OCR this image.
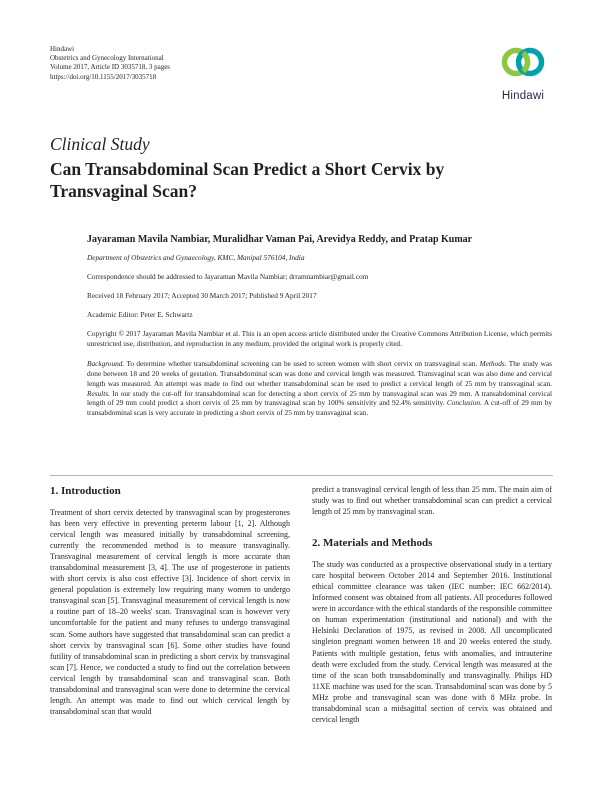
Hindawi
Obstetrics and Gynecology International
Volume 2017, Article ID 3035718, 3 pages
https://doi.org/10.1155/2017/3035718
Hindawi
Clinical Study
Can Transabdominal Scan Predict a Short Cervix by Transvaginal Scan?
Jayaraman Mavila Nambiar, Muralidhar Vaman Pai, Arevidya Reddy, and Pratap Kumar
Department of Obstetrics and Gynaecology, KMC, Manipal 576104, India
Correspondence should be addressed to Jayaraman Mavila Nambiar; drramnambiar@gmail.com
Received 18 February 2017; Accepted 30 March 2017; Published 9 April 2017
Academic Editor: Peter E. Schwartz
Copyright © 2017 Jayaraman Mavila Nambiar et al. This is an open access article distributed under the Creative Commons Attribution License, which permits unrestricted use, distribution, and reproduction in any medium, provided the original work is properly cited.
Background. To determine whether transabdominal screening can be used to screen women with short cervix on transvaginal scan. Methods. The study was done between 18 and 20 weeks of gestation. Transabdominal scan was done and cervical length was measured. Transvaginal scan was also done and cervical length was measured. An attempt was made to find out whether transabdominal scan be used to predict a cervical length of 25 mm by transvaginal scan. Results. In our study the cut-off for transabdominal scan for detecting a short cervix of 25 mm by transvaginal scan was 29 mm. A transabdominal cervical length of 29 mm could predict a short cervix of 25 mm by transvaginal scan by 100% sensitivity and 92.4% sensitivity. Conclusion. A cut-off of 29 mm by transabdominal scan is very accurate in predicting a short cervix of 25 mm by transvaginal scan.
1. Introduction

Treatment of short cervix detected by transvaginal scan by progesterones has been very effective in preventing preterm labour [1, 2]. Although cervical length was measured initially by transabdominal screening, currently the recommended method is to measure transvaginally. Transvaginal measurement of cervical length is more accurate than transabdominal measurement [3, 4]. The use of progesterone in patients with short cervix is also cost effective [3]. Incidence of short cervix in general population is extremely low requiring many women to undergo transvaginal scan [5]. Transvaginal measurement of cervical length is now a routine part of 18–20 weeks' scan. Transvaginal scan is however very uncomfortable for the patient and many refuses to undergo transvaginal scan. Some authors have suggested that transabdominal scan can predict a short cervix by transvaginal scan [6]. Some other studies have found futility of transabdominal scan in predicting a short cervix by transvaginal scan [7]. Hence, we conducted a study to find out the correlation between cervical length by transabdominal scan and transvaginal scan. Both transabdominal and transvaginal scan were done to determine the cervical length. An attempt was made to find out which cervical length by transabdominal scan that would

predict a transvaginal cervical length of less than 25 mm. The main aim of study was to find out whether transabdominal scan can predict a cervical length of 25 mm by transvaginal scan.

2. Materials and Methods

The study was conducted as a prospective observational study in a tertiary care hospital between October 2014 and September 2016. Institutional ethical committee clearance was taken (IEC number: IEC 662/2014). Informed consent was obtained from all patients. All procedures followed were in accordance with the ethical standards of the responsible committee on human experimentation (institutional and national) and with the Helsinki Declaration of 1975, as revised in 2008. All uncomplicated singleton pregnant women between 18 and 20 weeks entered the study. Patients with multiple gestation, fetus with anomalies, and intrauterine death were excluded from the study. Cervical length was measured at the time of the scan both transabdominally and transvaginally. Philips HD 11XE machine was used for the scan. Transabdominal scan was done by 5 MHz probe and transvaginal scan was done with 8 MHz probe. In transabdominal scan a midsagittal section of cervix was obtained and cervical length
